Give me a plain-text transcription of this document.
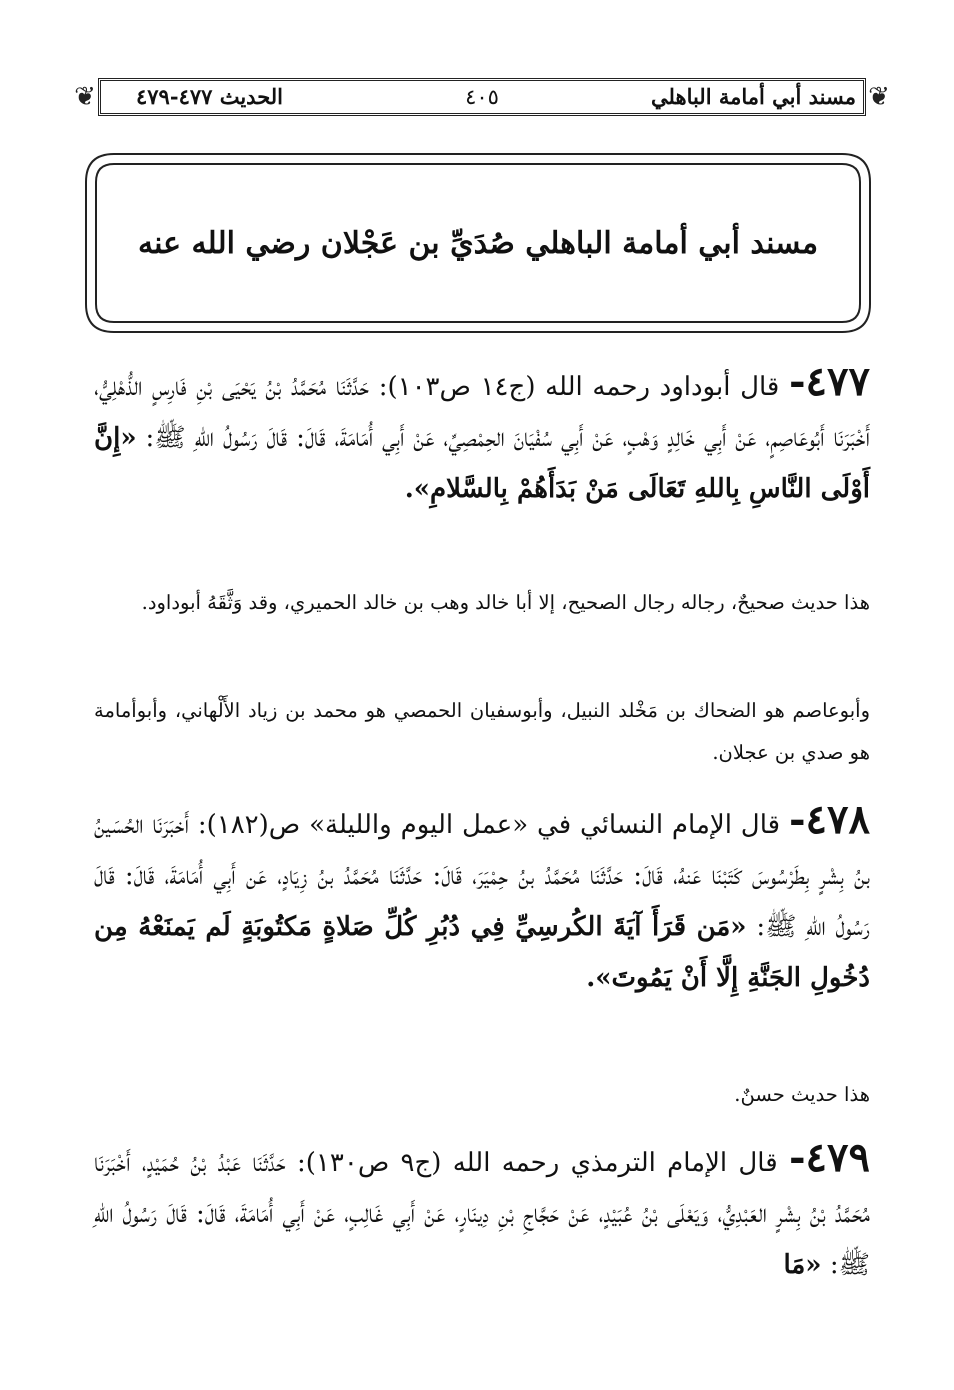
❦	❦
مسند أبي أمامة الباهلي
٤٠٥
الحديث ٤٧٧-٤٧٩
مسند أبي أمامة الباهلي صُدَيِّ بن عَجْلان رضي الله عنه
٤٧٧- قال أبوداود رحمه الله (ج١٤ ص١٠٣): حَدَّثَنَا مُحَمَّدُ بْنُ يَحْيَى بْنِ فَارِسٍ الذُّهْلِيُّ، أَخْبَرَنَا أَبُوعَاصِمٍ، عَنْ أَبِي خَالِدٍ وَهْبٍ، عَنْ أَبِي سُفْيَانَ الحِمْصِيِّ، عَنْ أَبِي أُمَامَةَ، قَالَ: قَالَ رَسُولُ اللهِ ﷺ: «إِنَّ أَوْلَى النَّاسِ بِاللهِ تَعَالَى مَنْ بَدَأَهُمْ بِالسَّلامِ».
هذا حديث صحيحٌ، رجاله رجال الصحيح، إلا أبا خالد وهب بن خالد الحميري، وقد وَثَّقَهُ أبوداود.
وأبوعاصم هو الضحاك بن مَخْلد النبيل، وأبوسفيان الحمصي هو محمد بن زياد الأَلْهاني، وأبوأمامة هو صدي بن عجلان.
٤٧٨- قال الإمام النسائي في «عمل اليوم والليلة» ص(١٨٢): أَخبَرَنَا الحُسَينُ بنُ بِشْرٍ بِطَرْسُوسَ كَتَبْنَا عَنهُ، قَالَ: حَدَّثَنَا مُحَمَّدُ بنُ حِمْيَرَ، قَالَ: حَدَّثَنَا مُحَمَّدُ بنُ زِيَادٍ، عَن أَبِي أُمَامَةَ، قَالَ: قَالَ رَسُولُ اللهِ ﷺ: «مَن قَرَأَ آيَةَ الكُرسِيِّ فِي دُبُرِ كُلِّ صَلاةٍ مَكتُوبَةٍ لَم يَمنَعْهُ مِن دُخُولِ الجَنَّةِ إِلَّا أَنْ يَمُوتَ».
هذا حديث حسنٌ.
٤٧٩- قال الإمام الترمذي رحمه الله (ج٩ ص١٣٠): حَدَّثَنَا عَبْدُ بْنُ حُمَيْدٍ، أَخْبَرَنَا مُحَمَّدُ بْنُ بِشْرٍ العَبْدِيُّ، وَيَعْلَى بْنُ عُبَيْدٍ، عَنْ حَجَّاجِ بْنِ دِينَارٍ، عَنْ أَبِي غَالِبٍ، عَنْ أَبِي أُمَامَةَ، قَالَ: قَالَ رَسُولُ اللهِ ﷺ: «مَا
